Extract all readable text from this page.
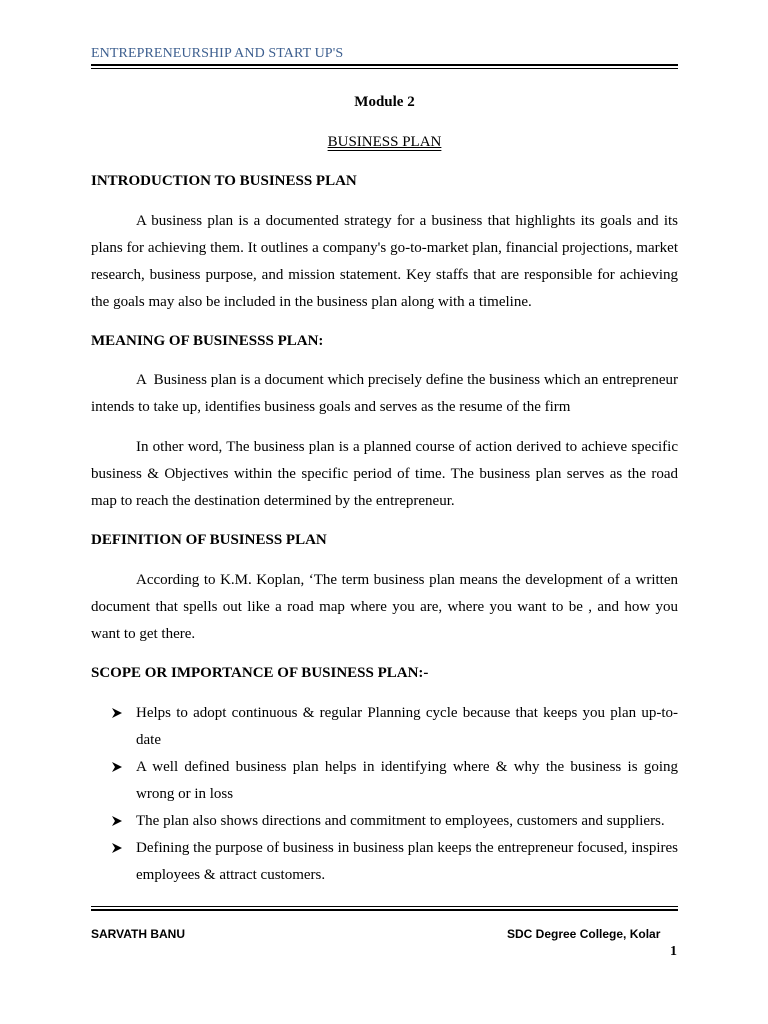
ENTREPRENEURSHIP AND START UP'S
Module 2
BUSINESS PLAN
INTRODUCTION TO BUSINESS PLAN
A business plan is a documented strategy for a business that highlights its goals and its plans for achieving them. It outlines a company's go-to-market plan, financial projections, market research, business purpose, and mission statement. Key staffs that are responsible for achieving the goals may also be included in the business plan along with a timeline.
MEANING OF BUSINESSS PLAN:
A  Business plan is a document which precisely define the business which an entrepreneur intends to take up, identifies business goals and serves as the resume of the firm
In other word, The business plan is a planned course of action derived to achieve specific business & Objectives within the specific period of time. The business plan serves as the road map to reach the destination determined by the entrepreneur.
DEFINITION OF BUSINESS PLAN
According to K.M. Koplan, ‘The term business plan means the development of a written document that spells out like a road map where you are, where you want to be , and how you want to get there.
SCOPE OR IMPORTANCE OF BUSINESS PLAN:-
Helps to adopt continuous & regular Planning cycle because that keeps you plan up-to-date
A well defined business plan helps in identifying where & why the business is going wrong or in loss
The plan also shows directions and commitment to employees, customers and suppliers.
Defining the purpose of business in business plan keeps the entrepreneur focused, inspires employees & attract customers.
SARVATH BANU	SDC Degree College, Kolar
1
